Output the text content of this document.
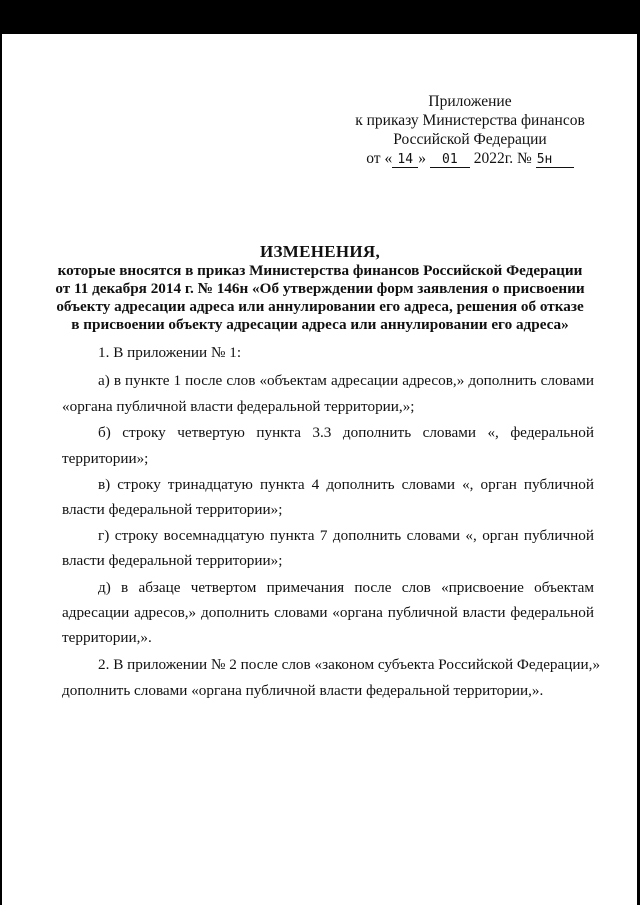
Приложение
к приказу Министерства финансов
Российской Федерации
от « 14 » 01 2022г. № 5н
ИЗМЕНЕНИЯ,
которые вносятся в приказ Министерства финансов Российской Федерации
от 11 декабря 2014 г. № 146н «Об утверждении форм заявления о присвоении
объекту адресации адреса или аннулировании его адреса, решения об отказе
в присвоении объекту адресации адреса или аннулировании его адреса»
1. В приложении № 1:
а) в пункте 1 после слов «объектам адресации адресов,» дополнить словами
«органа публичной власти федеральной территории,»;
б) строку четвертую пункта 3.3 дополнить словами «, федеральной
территории»;
в) строку тринадцатую пункта 4 дополнить словами «, орган публичной
власти федеральной территории»;
г) строку восемнадцатую пункта 7 дополнить словами «, орган публичной
власти федеральной территории»;
д) в абзаце четвертом примечания после слов «присвоение объектам
адресации адресов,» дополнить словами «органа публичной власти федеральной
территории,».
2. В приложении № 2 после слов «законом субъекта Российской Федерации,»
дополнить словами «органа публичной власти федеральной территории,».
